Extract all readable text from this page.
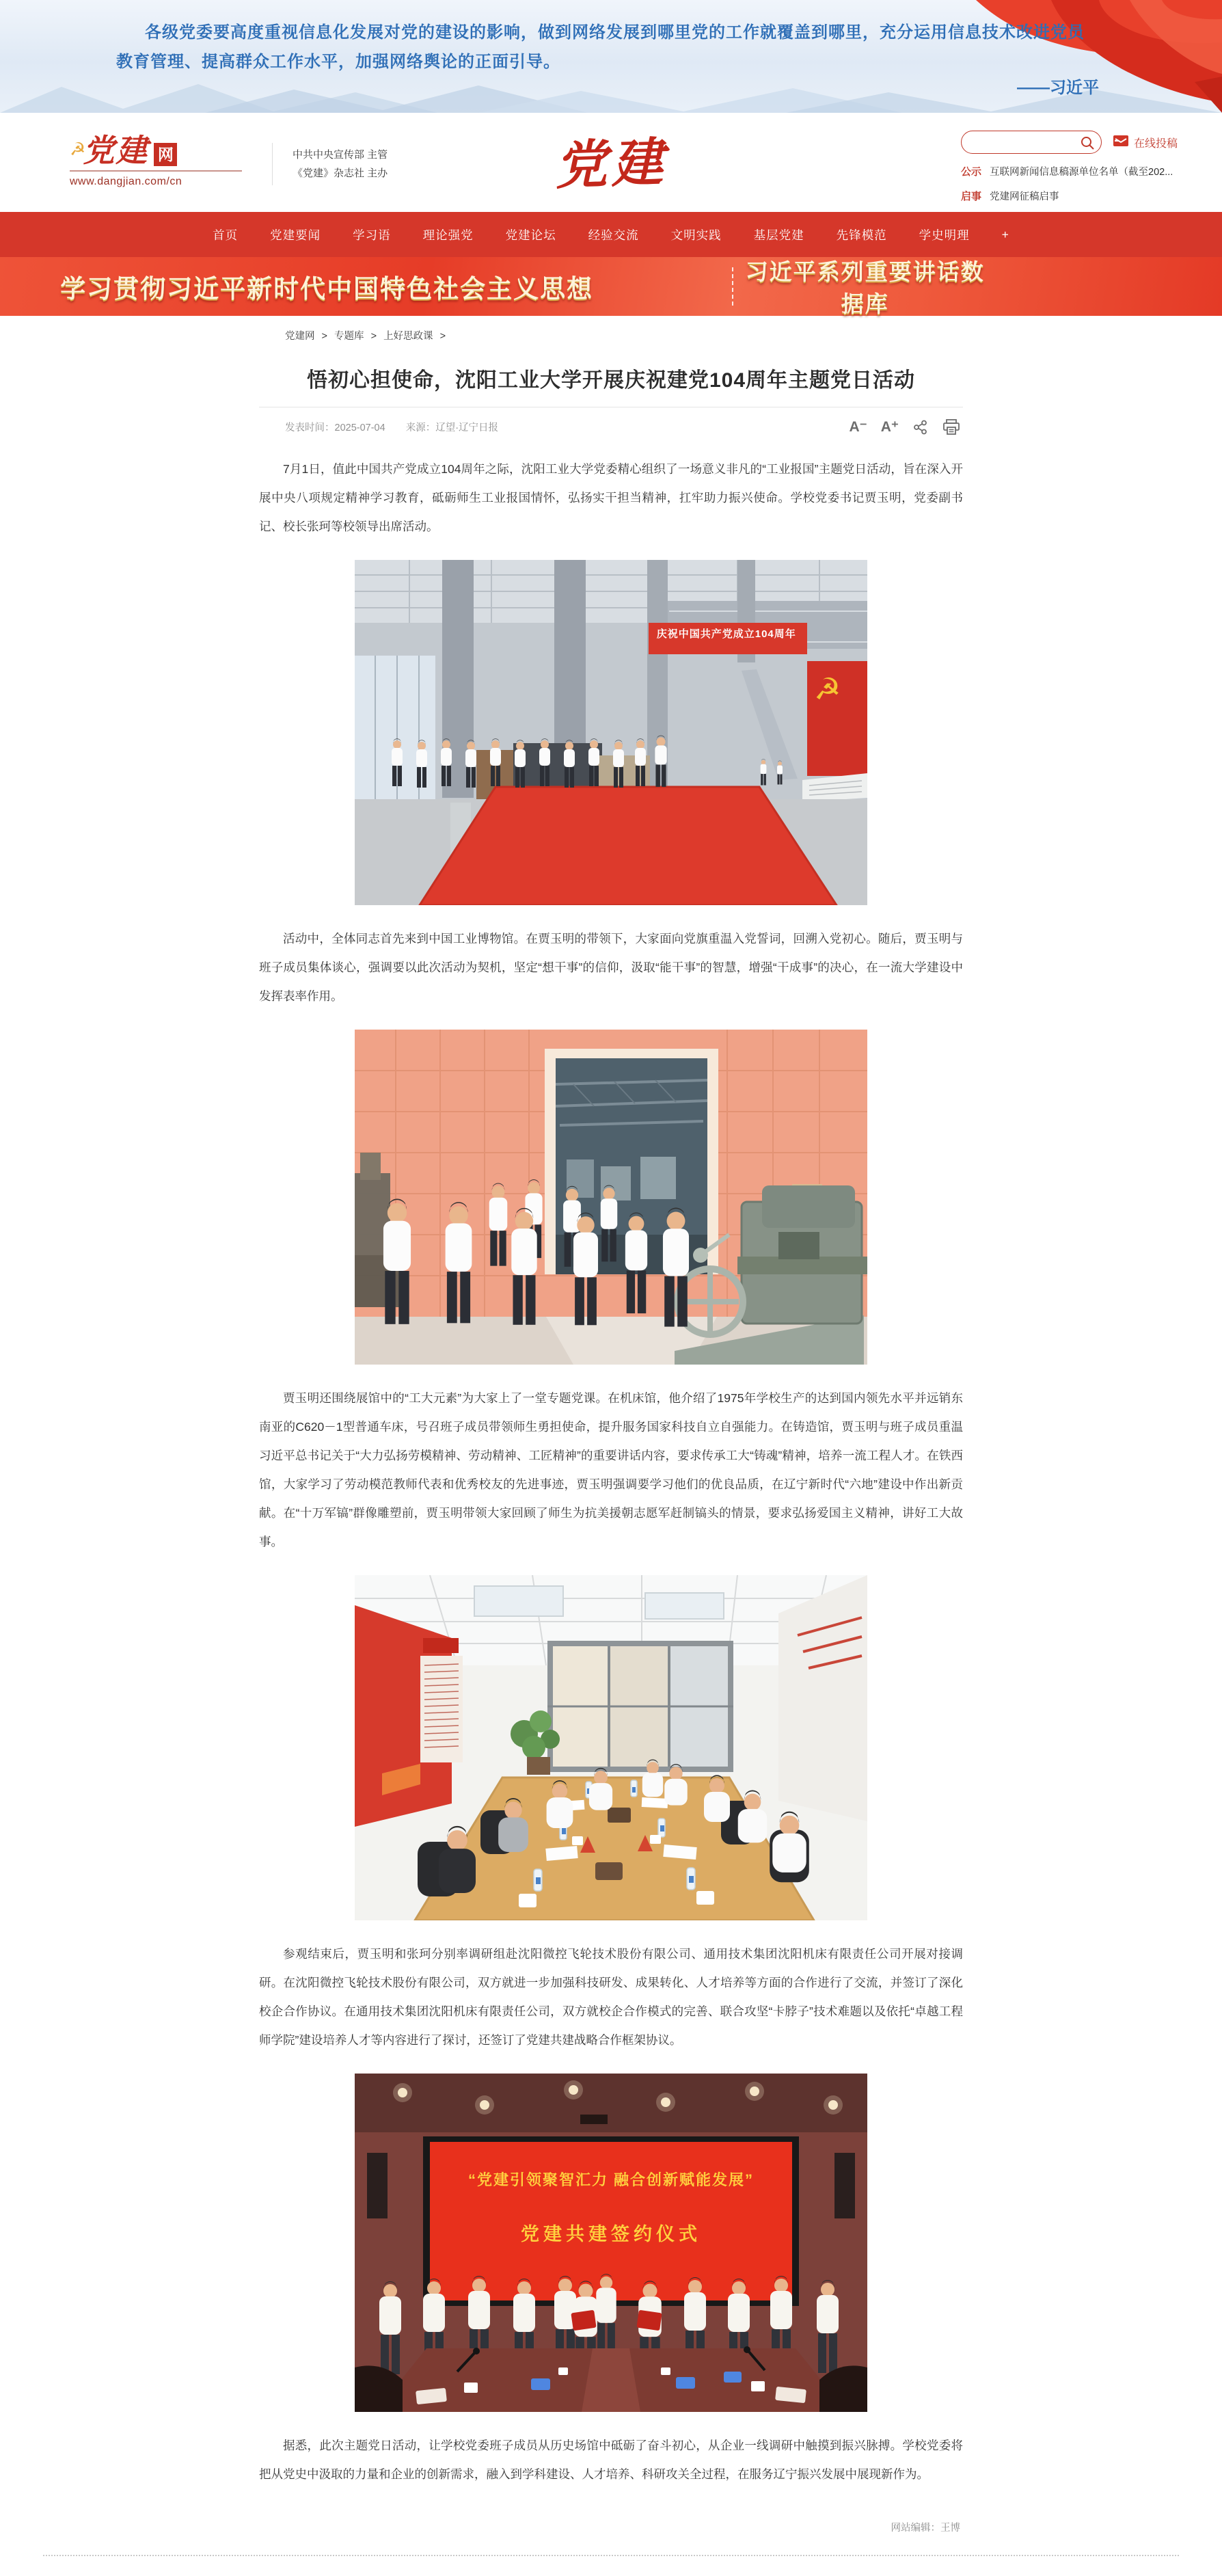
各级党委要高度重视信息化发展对党的建设的影响，做到网络发展到哪里党的工作就覆盖到哪里，充分运用信息技术改进党员教育管理、提高群众工作水平，加强网络舆论的正面引导。
——习近平
☭
党建 网
www.dangjian.com/cn
中共中央宣传部 主管
《党建》杂志社 主办	党建	在线投稿
公示 互联网新闻信息稿源单位名单（截至202...
启事 党建网征稿启事
首页	党建要闻	学习语	理论强党	党建论坛	经验交流	文明实践	基层党建	先锋模范	学史明理	+
学习贯彻习近平新时代中国特色社会主义思想
习近平系列重要讲话数据库
党建网 > 专题库 > 上好思政课 >
悟初心担使命，沈阳工业大学开展庆祝建党104周年主题党日活动
发表时间：2025-07-04 来源：辽望·辽宁日报	A⁻ A⁺

7月1日，值此中国共产党成立104周年之际，沈阳工业大学党委精心组织了一场意义非凡的“工业报国”主题党日活动，旨在深入开展中央八项规定精神学习教育，砥砺师生工业报国情怀，弘扬实干担当精神，扛牢助力振兴使命。学校党委书记贾玉明，党委副书记、校长张珂等校领导出席活动。

☭
庆祝中国共产党成立104周年

活动中，全体同志首先来到中国工业博物馆。在贾玉明的带领下，大家面向党旗重温入党誓词，回溯入党初心。随后，贾玉明与班子成员集体谈心，强调要以此次活动为契机，坚定“想干事”的信仰，汲取“能干事”的智慧，增强“干成事”的决心，在一流大学建设中发挥表率作用。

贾玉明还围绕展馆中的“工大元素”为大家上了一堂专题党课。在机床馆，他介绍了1975年学校生产的达到国内领先水平并远销东南亚的C620－1型普通车床，号召班子成员带领师生勇担使命，提升服务国家科技自立自强能力。在铸造馆，贾玉明与班子成员重温习近平总书记关于“大力弘扬劳模精神、劳动精神、工匠精神”的重要讲话内容，要求传承工大“铸魂”精神，培养一流工程人才。在铁西馆，大家学习了劳动模范教师代表和优秀校友的先进事迹，贾玉明强调要学习他们的优良品质，在辽宁新时代“六地”建设中作出新贡献。在“十万军镐”群像雕塑前，贾玉明带领大家回顾了师生为抗美援朝志愿军赶制镐头的情景，要求弘扬爱国主义精神，讲好工大故事。

参观结束后，贾玉明和张珂分别率调研组赴沈阳微控飞轮技术股份有限公司、通用技术集团沈阳机床有限责任公司开展对接调研。在沈阳微控飞轮技术股份有限公司，双方就进一步加强科技研发、成果转化、人才培养等方面的合作进行了交流，并签订了深化校企合作协议。在通用技术集团沈阳机床有限责任公司，双方就校企合作模式的完善、联合攻坚“卡脖子”技术难题以及依托“卓越工程师学院”建设培养人才等内容进行了探讨，还签订了党建共建战略合作框架协议。

“党建引领聚智汇力 融合创新赋能发展”
党建共建签约仪式

据悉，此次主题党日活动，让学校党委班子成员从历史场馆中砥砺了奋斗初心，从企业一线调研中触摸到振兴脉搏。学校党委将把从党史中汲取的力量和企业的创新需求，融入到学科建设、人才培养、科研攻关全过程，在服务辽宁振兴发展中展现新作为。

网站编辑：王博
